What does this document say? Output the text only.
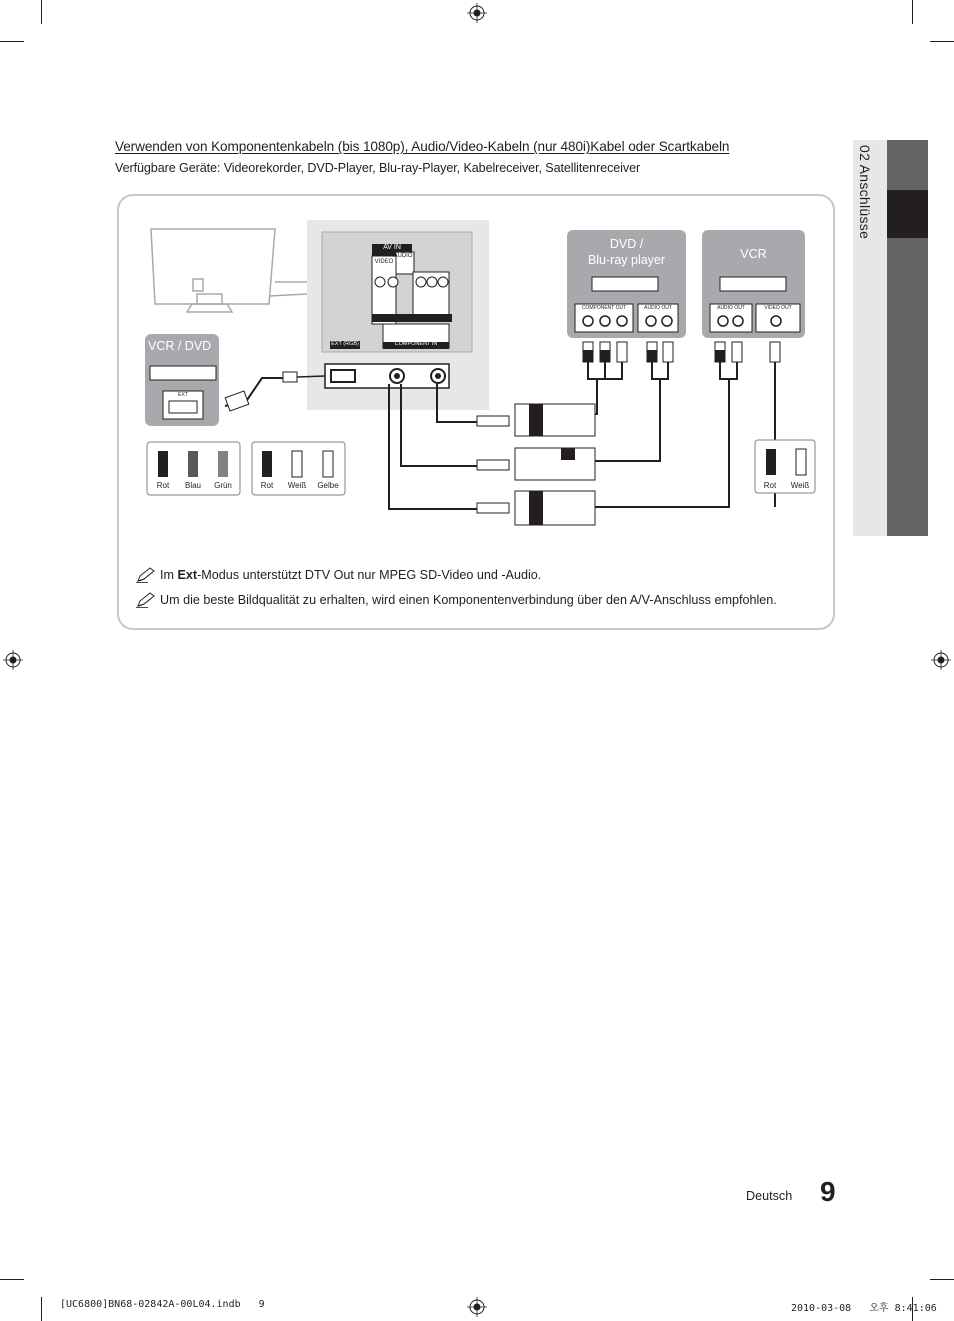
Verwenden von Komponentenkabeln (bis 1080p), Audio/Video-Kabeln (nur 480i)Kabel oder Scartkabeln
Verfügbare Geräte: Videorekorder, DVD-Player, Blu-ray-Player, Kabelreceiver, Satellitenreceiver	02 Anschlüsse
VCR / DVD
DVD /
Blu-ray player	VCR
AV IN
VIDEO
AUDIO
EXT (RGB)	COMPONENT IN
EXT
COMPONENT OUT	AUDIO OUT	AUDIO OUT	VIDEO OUT
Rot	Blau	Grün	Rot	Weiß	Gelbe	Rot	Weiß
Im Ext -Modus unterstützt DTV Out nur MPEG SD-Video und -Audio.
Um die beste Bildqualität zu erhalten, wird einen Komponentenverbindung über den A/V-Anschluss empfohlen.
Deutsch 9
[UC6800]BN68-02842A-00L04.indb   9	2010-03-08   오후 8:41:06
